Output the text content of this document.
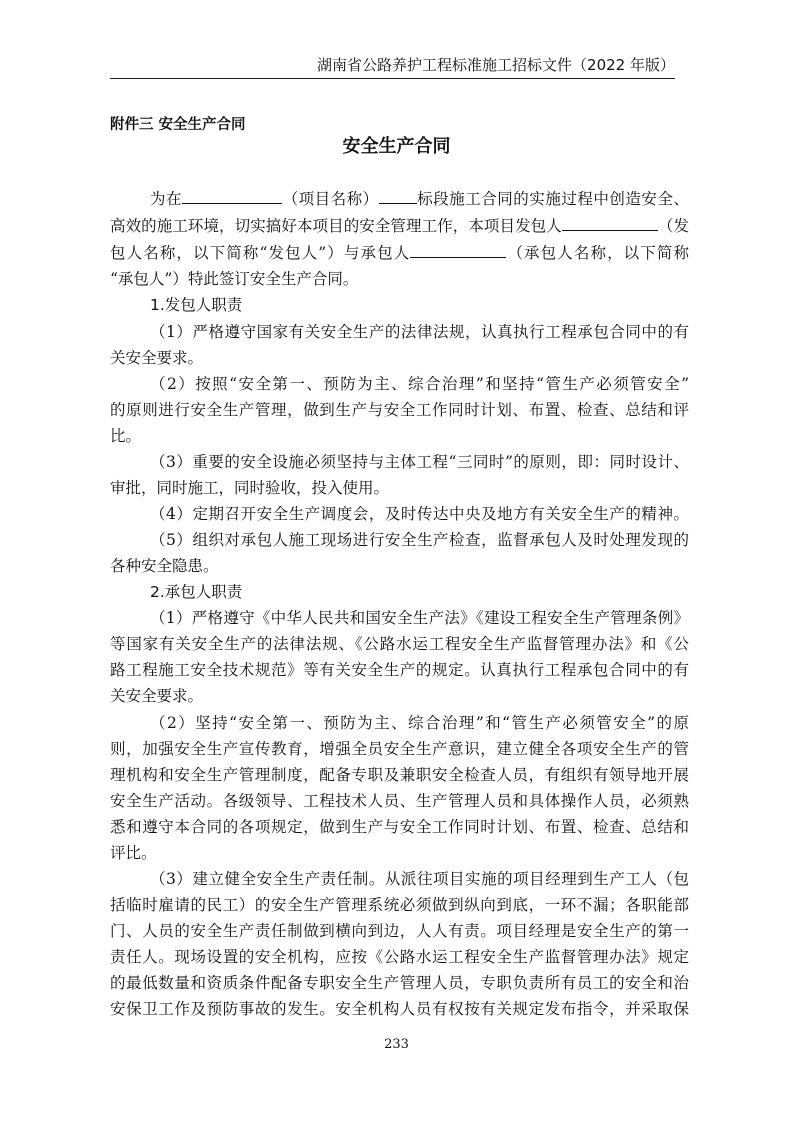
湖南省公路养护工程标准施工招标文件（2022 年版）
附件三 安全生产合同
安全生产合同
为在	（项目名称） 标段施工合同的实施过程中创造安全、
高效的施工环境，切实搞好本项目的安全管理工作，本项目发包人	（发
包人名称，以下简称“发包人”）与承包人	（承包人名称，以下简称
“承包人”）特此签订安全生产合同。
1.发包人职责
（1）严格遵守国家有关安全生产的法律法规，认真执行工程承包合同中的有
关安全要求。
（2）按照“安全第一、预防为主、综合治理”和坚持“管生产必须管安全”
的原则进行安全生产管理，做到生产与安全工作同时计划、布置、检查、总结和评
比。
（3）重要的安全设施必须坚持与主体工程“三同时”的原则，即：同时设计、
审批，同时施工，同时验收，投入使用。
（4）定期召开安全生产调度会，及时传达中央及地方有关安全生产的精神。
（5）组织对承包人施工现场进行安全生产检查，监督承包人及时处理发现的
各种安全隐患。
2.承包人职责
（1）严格遵守《中华人民共和国安全生产法》《建设工程安全生产管理条例》
等国家有关安全生产的法律法规、《公路水运工程安全生产监督管理办法》和《公
路工程施工安全技术规范》等有关安全生产的规定。认真执行工程承包合同中的有
关安全要求。
（2）坚持“安全第一、预防为主、综合治理”和“管生产必须管安全”的原
则，加强安全生产宣传教育，增强全员安全生产意识，建立健全各项安全生产的管
理机构和安全生产管理制度，配备专职及兼职安全检查人员，有组织有领导地开展
安全生产活动。各级领导、工程技术人员、生产管理人员和具体操作人员，必须熟
悉和遵守本合同的各项规定，做到生产与安全工作同时计划、布置、检查、总结和
评比。
（3）建立健全安全生产责任制。从派往项目实施的项目经理到生产工人（包
括临时雇请的民工）的安全生产管理系统必须做到纵向到底，一环不漏；各职能部
门、人员的安全生产责任制做到横向到边，人人有责。项目经理是安全生产的第一
责任人。现场设置的安全机构，应按《公路水运工程安全生产监督管理办法》规定
的最低数量和资质条件配备专职安全生产管理人员，专职负责所有员工的安全和治
安保卫工作及预防事故的发生。安全机构人员有权按有关规定发布指令，并采取保
233
